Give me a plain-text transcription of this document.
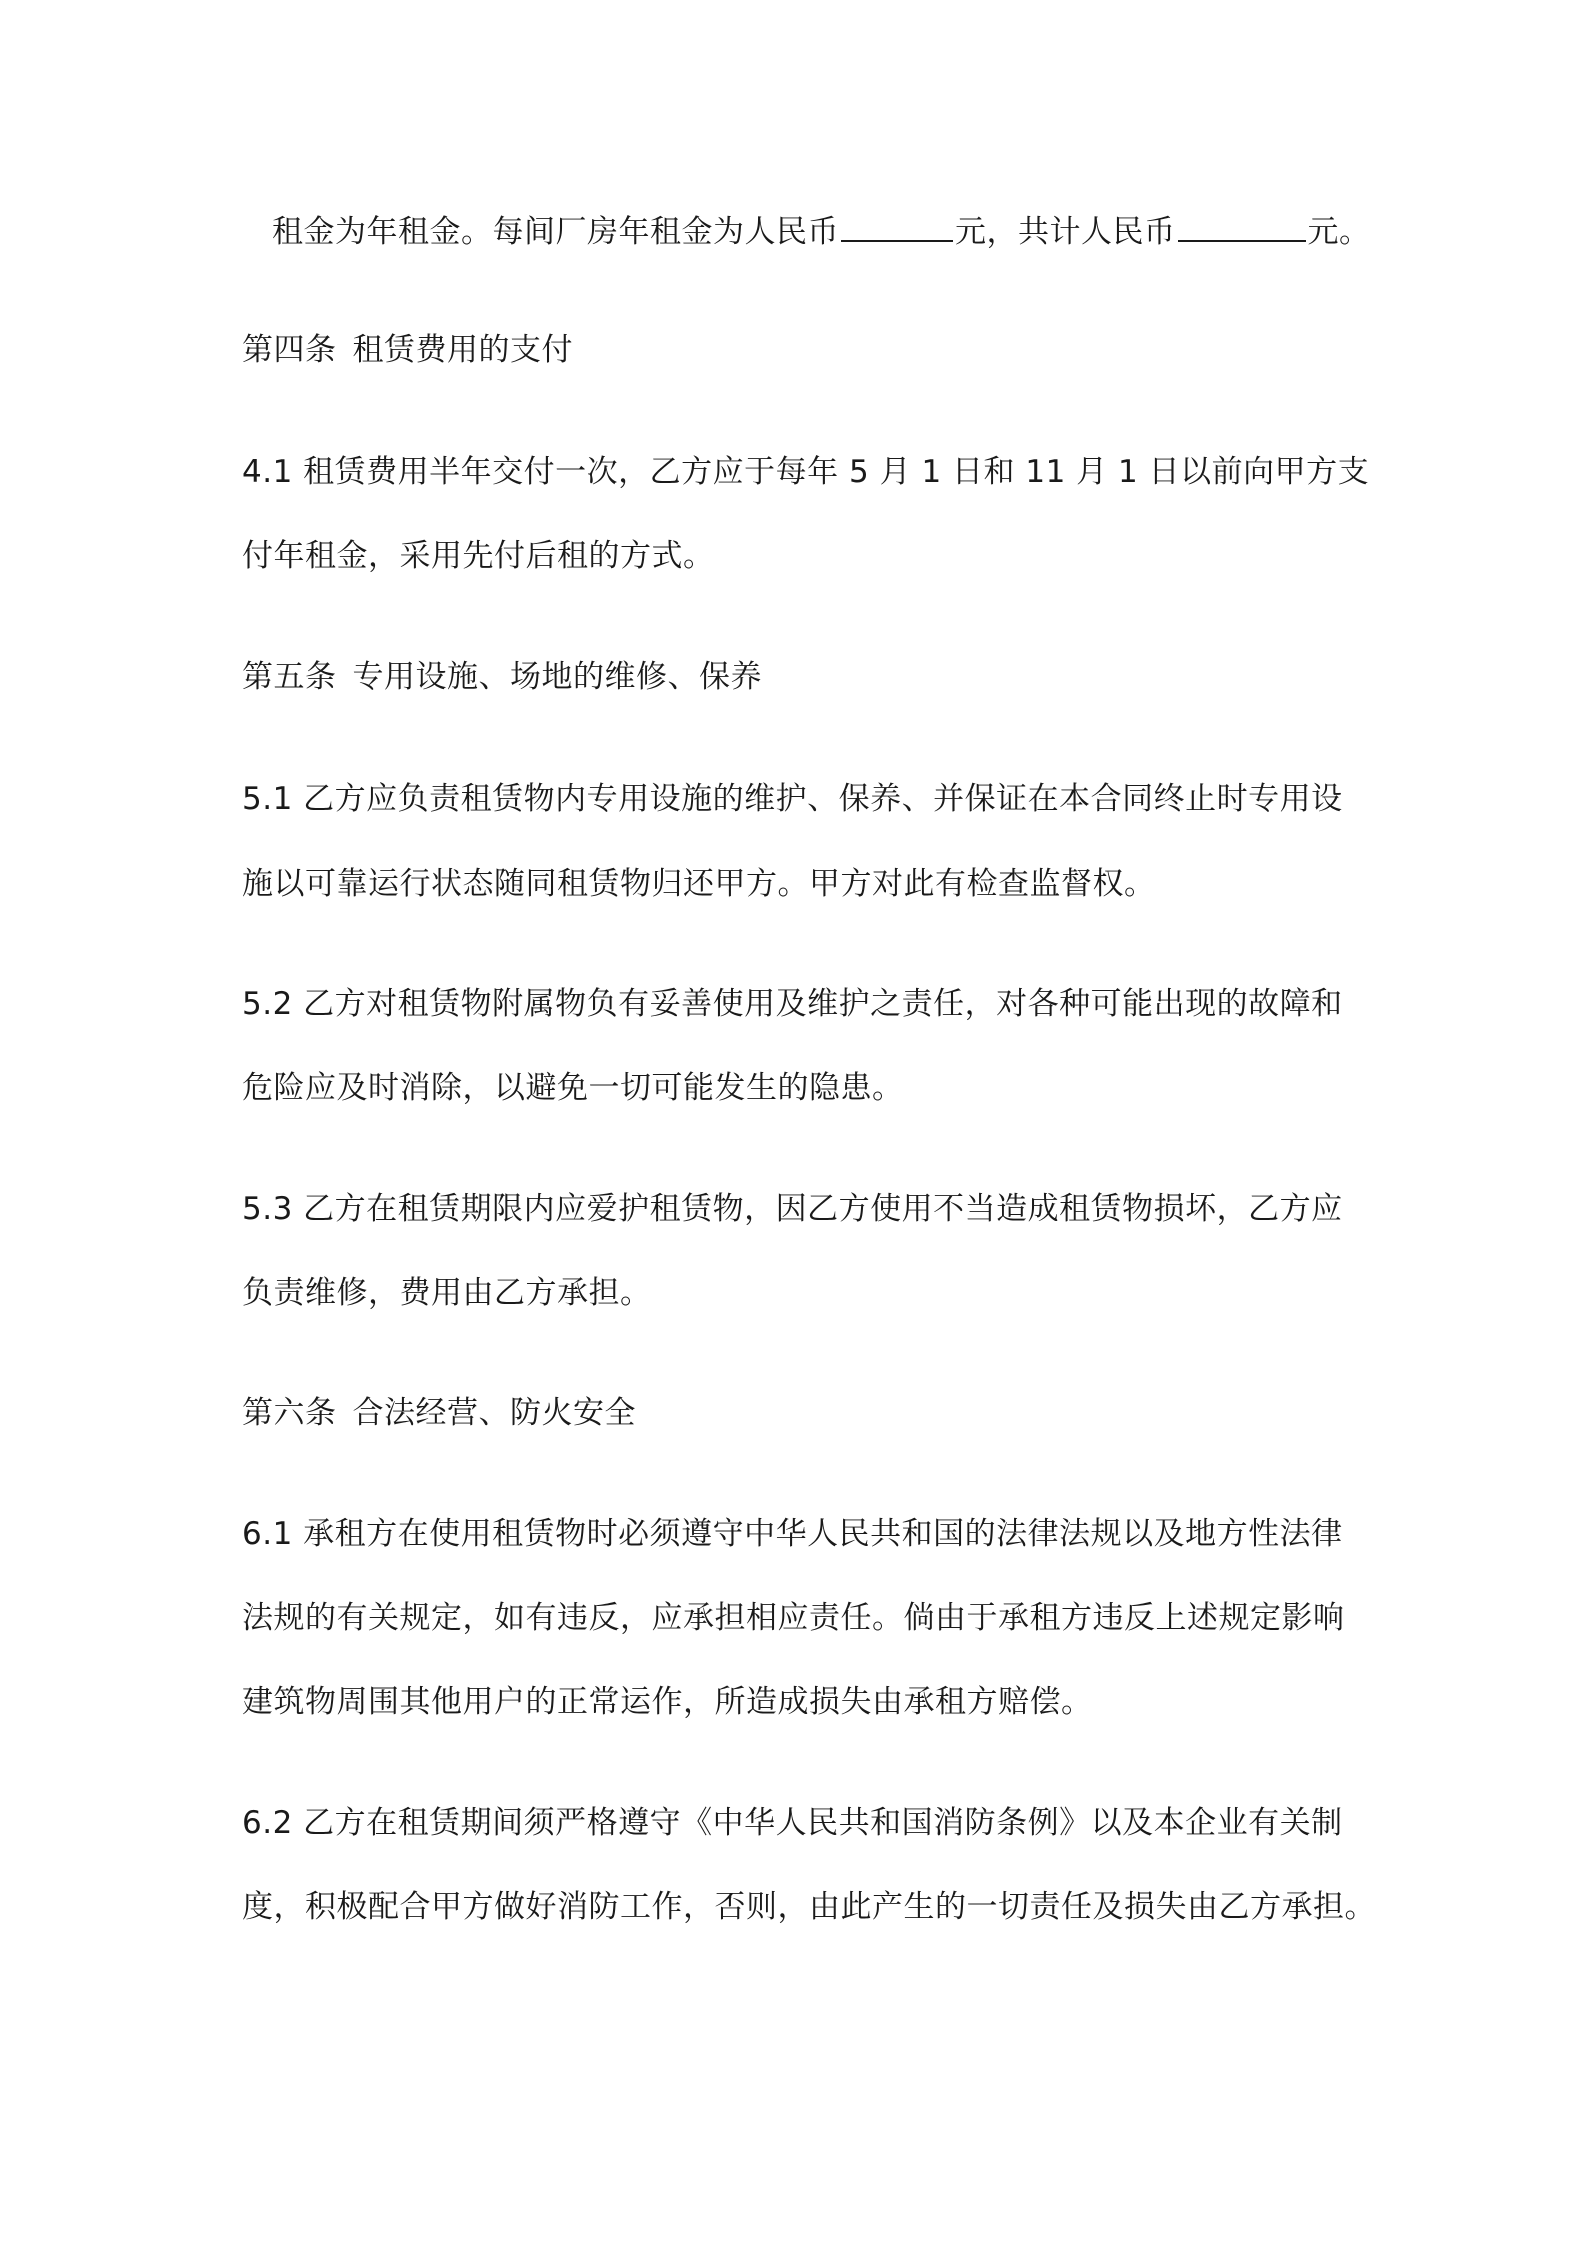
租金为年租金。每间厂房年租金为人民币	元，共计人民币	元。
第四条 租赁费用的支付
4.1 租赁费用半年交付一次，乙方应于每年 5 月 1 日和 11 月 1 日以前向甲方支
付年租金，采用先付后租的方式。
第五条 专用设施、场地的维修、保养
5.1 乙方应负责租赁物内专用设施的维护、保养、并保证在本合同终止时专用设
施以可靠运行状态随同租赁物归还甲方。甲方对此有检查监督权。
5.2 乙方对租赁物附属物负有妥善使用及维护之责任，对各种可能出现的故障和
危险应及时消除，以避免一切可能发生的隐患。
5.3 乙方在租赁期限内应爱护租赁物，因乙方使用不当造成租赁物损坏，乙方应
负责维修，费用由乙方承担。
第六条 合法经营、防火安全
6.1 承租方在使用租赁物时必须遵守中华人民共和国的法律法规以及地方性法律
法规的有关规定，如有违反，应承担相应责任。倘由于承租方违反上述规定影响
建筑物周围其他用户的正常运作，所造成损失由承租方赔偿。
6.2 乙方在租赁期间须严格遵守《中华人民共和国消防条例》以及本企业有关制
度，积极配合甲方做好消防工作，否则，由此产生的一切责任及损失由乙方承担。
